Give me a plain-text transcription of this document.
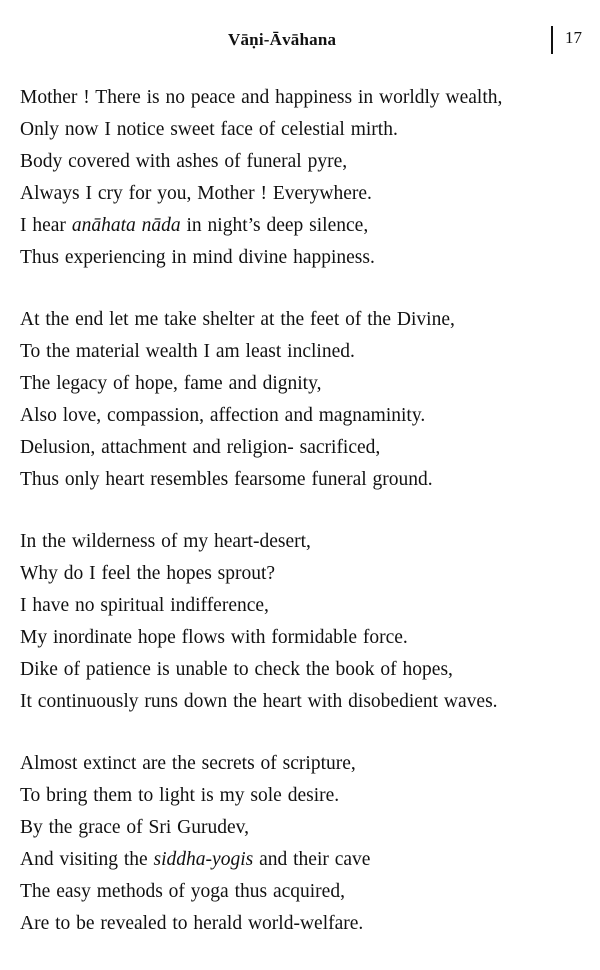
Vāṇi-Āvāhana	17
Mother ! There is no peace and happiness in worldly wealth,
Only now I notice sweet face of celestial mirth.
Body covered with ashes of funeral pyre,
Always I cry for you, Mother ! Everywhere.
I hear anāhata nāda in night’s deep silence,
Thus experiencing in mind divine happiness.
At the end let me take shelter at the feet of the Divine,
To the material wealth I am least inclined.
The legacy of hope, fame and dignity,
Also love, compassion, affection and magnaminity.
Delusion, attachment and religion- sacrificed,
Thus only heart resembles fearsome funeral ground.
In the wilderness of my heart-desert,
Why do I feel the hopes sprout?
I have no spiritual indifference,
My inordinate hope flows with formidable force.
Dike of patience is unable to check the book of hopes,
It continuously runs down the heart with disobedient waves.
Almost extinct are the secrets of scripture,
To bring them to light is my sole desire.
By the grace of Sri Gurudev,
And visiting the siddha-yogis and their cave
The easy methods of yoga thus acquired,
Are to be revealed to herald world-welfare.
